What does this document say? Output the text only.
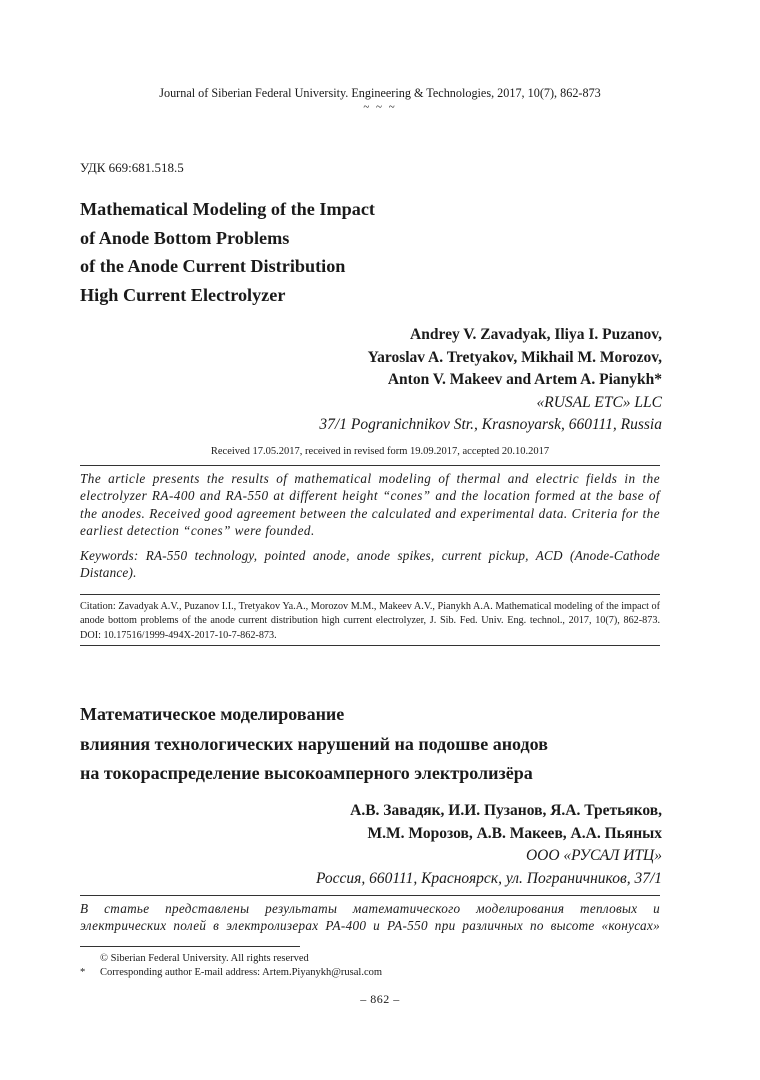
Journal of Siberian Federal University. Engineering & Technologies, 2017, 10(7), 862-873
~ ~ ~
УДК 669:681.518.5
Mathematical Modeling of the Impact
of Anode Bottom Problems
of the Anode Current Distribution
High Current Electrolyzer
Andrey V. Zavadyak, Iliya I. Puzanov,
Yaroslav A. Tretyakov, Mikhail M. Morozov,
Anton V. Makeev and Artem A. Pianykh*
«RUSAL ETC» LLC
37/1 Pogranichnikov Str., Krasnoyarsk, 660111, Russia
Received 17.05.2017, received in revised form 19.09.2017, accepted 20.10.2017
The article presents the results of mathematical modeling of thermal and electric fields in the electrolyzer RA-400 and RA-550 at different height “cones” and the location formed at the base of the anodes. Received good agreement between the calculated and experimental data. Criteria for the earliest detection “cones” were founded.
Keywords: RA-550 technology, pointed anode, anode spikes, current pickup, ACD (Anode-Cathode Distance).
Citation: Zavadyak A.V., Puzanov I.I., Tretyakov Ya.A., Morozov M.M., Makeev A.V., Pianykh A.A. Mathematical modeling of the impact of anode bottom problems of the anode current distribution high current electrolyzer, J. Sib. Fed. Univ. Eng. technol., 2017, 10(7), 862-873. DOI: 10.17516/1999-494X-2017-10-7-862-873.
Математическое моделирование
влияния технологических нарушений на подошве анодов
на токораспределение высокоамперного электролизёра
А.В. Завадяк, И.И. Пузанов, Я.А. Третьяков,
М.М. Морозов, А.В. Макеев, А.А. Пьяных
ООО «РУСАЛ ИТЦ»
Россия, 660111, Красноярск, ул. Пограничников, 37/1
В статье представлены результаты математического моделирования тепловых и электрических полей в электролизерах РА-400 и РА-550 при различных по высоте «конусах»
© Siberian Federal University. All rights reserved
* Corresponding author E-mail address: Artem.Piyanykh@rusal.com
– 862 –
